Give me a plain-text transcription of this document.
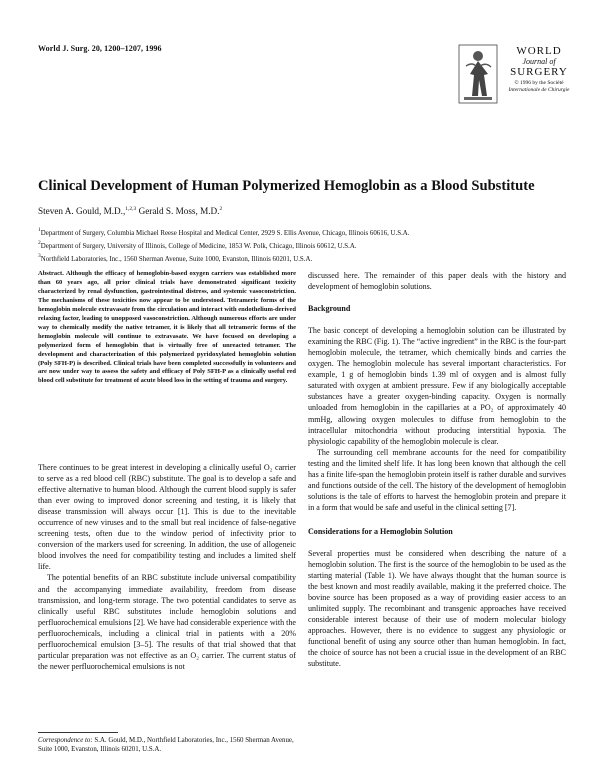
World J. Surg. 20, 1200–1207, 1996	WORLD
Journal of
SURGERY
© 1996 by the Société
Internationale de Chirurgie
Clinical Development of Human Polymerized Hemoglobin as a Blood Substitute
Steven A. Gould, M.D.,$^{1,2,3}$ Gerald S. Moss, M.D.$^2$
$^1$Department of Surgery, Columbia Michael Reese Hospital and Medical Center, 2929 S. Ellis Avenue, Chicago, Illinois 60616, U.S.A.
$^2$Department of Surgery, University of Illinois, College of Medicine, 1853 W. Polk, Chicago, Illinois 60612, U.S.A.
$^3$Northfield Laboratories, Inc., 1560 Sherman Avenue, Suite 1000, Evanston, Illinois 60201, U.S.A.
Abstract. Although the efficacy of hemoglobin-based oxygen carriers was established more than 60 years ago, all prior clinical trials have demonstrated significant toxicity characterized by renal dysfunction, gastrointestinal distress, and systemic vasoconstriction. The mechanisms of these toxicities now appear to be understood. Tetrameric forms of the hemoglobin molecule extravasate from the circulation and interact with endothelium-derived relaxing factor, leading to unopposed vasoconstriction. Although numerous efforts are under way to chemically modify the native tetramer, it is likely that all tetrameric forms of the hemoglobin molecule will continue to extravasate. We have focused on developing a polymerized form of hemoglobin that is virtually free of unreacted tetramer. The development and characterization of this polymerized pyridoxylated hemoglobin solution (Poly SFH-P) is described. Clinical trials have been completed successfully in volunteers and are now under way to assess the safety and efficacy of Poly SFH-P as a clinically useful red blood cell substitute for treatment of acute blood loss in the setting of trauma and surgery.

There continues to be great interest in developing a clinically useful O₂ carrier to serve as a red blood cell (RBC) substitute. The goal is to develop a safe and effective alternative to human blood. Although the current blood supply is safer than ever owing to improved donor screening and testing, it is likely that disease transmission will always occur [1]. This is due to the inevitable occurrence of new viruses and to the small but real incidence of false-negative screening tests, often due to the window period of infectivity prior to conversion of the markers used for screening. In addition, the use of allogeneic blood involves the need for compatibility testing and includes a limited shelf life.

The potential benefits of an RBC substitute include universal compatibility and the accompanying immediate availability, freedom from disease transmission, and long-term storage. The two potential candidates to serve as clinically useful RBC substitutes include hemoglobin solutions and perfluorochemical emulsions [2]. We have had considerable experience with the perfluorochemicals, including a clinical trial in patients with a 20% perfluorochemical emulsion [3–5]. The results of that trial showed that that particular preparation was not effective as an O₂ carrier. The current status of the newer perfluorochemical emulsions is not

discussed here. The remainder of this paper deals with the history and development of hemoglobin solutions.

Background

The basic concept of developing a hemoglobin solution can be illustrated by examining the RBC (Fig. 1). The “active ingredient” in the RBC is the four-part hemoglobin molecule, the tetramer, which chemically binds and carries the oxygen. The hemoglobin molecule has several important characteristics. For example, 1 g of hemoglobin binds 1.39 ml of oxygen and is almost fully saturated with oxygen at ambient pressure. Few if any biologically acceptable substances have a greater oxygen-binding capacity. Oxygen is normally unloaded from hemoglobin in the capillaries at a PO₂ of approximately 40 mmHg, allowing oxygen molecules to diffuse from hemoglobin to the intracellular mitochondria without producing interstitial hypoxia. The physiologic capability of the hemoglobin molecule is clear.

The surrounding cell membrane accounts for the need for compatibility testing and the limited shelf life. It has long been known that although the cell has a finite life-span the hemoglobin protein itself is rather durable and survives and functions outside of the cell. The history of the development of hemoglobin solutions is the tale of efforts to harvest the hemoglobin protein and prepare it in a form that would be safe and useful in the clinical setting [7].

Considerations for a Hemoglobin Solution

Several properties must be considered when describing the nature of a hemoglobin solution. The first is the source of the hemoglobin to be used as the starting material (Table 1). We have always thought that the human source is the best known and most readily available, making it the preferred choice. The bovine source has been proposed as a way of providing easier access to an unlimited supply. The recombinant and transgenic approaches have received considerable interest because of their use of modern molecular biology approaches. However, there is no evidence to suggest any physiologic or functional benefit of using any source other than human hemoglobin. In fact, the choice of source has not been a crucial issue in the development of an RBC substitute.

Correspondence to: S.A. Gould, M.D., Northfield Laboratories, Inc., 1560 Sherman Avenue, Suite 1000, Evanston, Illinois 60201, U.S.A.
